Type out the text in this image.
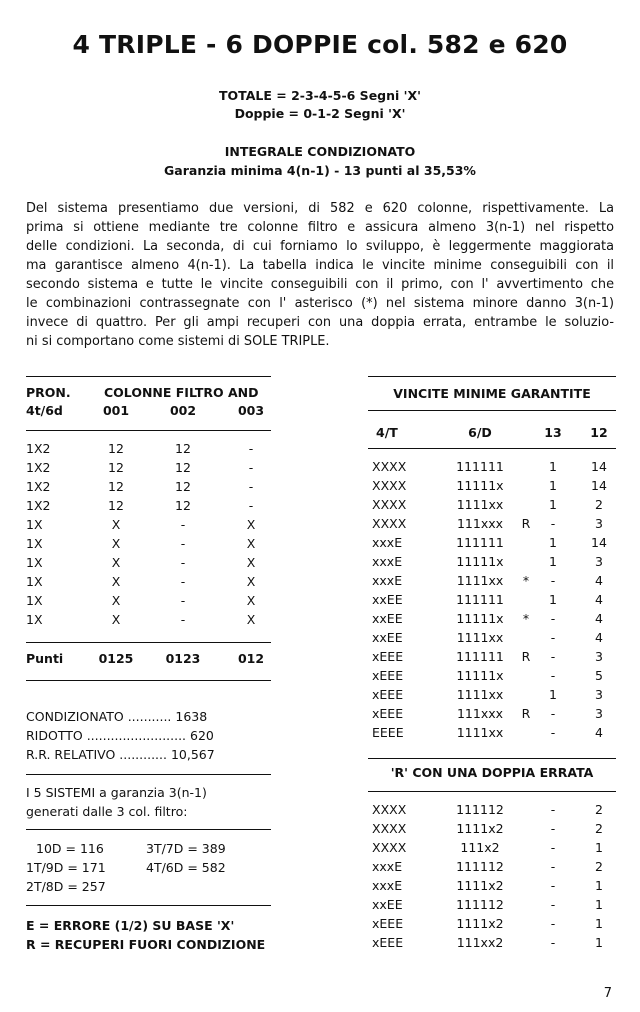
4 TRIPLE - 6 DOPPIE col. 582 e 620
TOTALE = 2-3-4-5-6 Segni 'X'
Doppie = 0-1-2 Segni 'X'
INTEGRALE CONDIZIONATO
Garanzia minima 4(n-1) - 13 punti al 35,53%
Del sistema presentiamo due versioni, di 582 e 620 colonne, rispettivamente. La
prima si ottiene mediante tre colonne filtro e assicura almeno 3(n-1) nel rispetto
delle condizioni. La seconda, di cui forniamo lo sviluppo, è leggermente maggiorata
ma garantisce almeno 4(n-1). La tabella indica le vincite minime conseguibili con il
secondo sistema e tutte le vincite conseguibili con il primo, con l' avvertimento che
le combinazioni contrassegnate con l' asterisco (*) nel sistema minore danno 3(n-1)
invece di quattro. Per gli ampi recuperi con una doppia errata, entrambe le soluzio-
ni si comportano come sistemi di SOLE TRIPLE.
PRON.	COLONNE FILTRO AND
4t/6d	001	002	003
1X2	12	12	-
1X2	12	12	-
1X2	12	12	-
1X2	12	12	-
1X	X	-	X
1X	X	-	X
1X	X	-	X
1X	X	-	X
1X	X	-	X
1X	X	-	X
Punti	0125	0123	012
CONDIZIONATO ........... 1638
RIDOTTO ......................... 620
R.R. RELATIVO ............ 10,567
I 5 SISTEMI a garanzia 3(n-1)
generati dalle 3 col. filtro:
10D = 116	3T/7D = 389
1T/9D = 171	4T/6D = 582
2T/8D = 257
E = ERRORE (1/2) SU BASE 'X'
R = RECUPERI FUORI CONDIZIONE
VINCITE MINIME GARANTITE
4/T	6/D	13	12
XXXX	111111	1	14
XXXX	11111x	1	14
XXXX	1111xx	1	2
XXXX	111xxx	R	-	3
xxxE	111111	1	14
xxxE	11111x	1	3
xxxE	1111xx	*	-	4
xxEE	111111	1	4
xxEE	11111x	*	-	4
xxEE	1111xx	-	4
xEEE	111111	R	-	3
xEEE	11111x	-	5
xEEE	1111xx	1	3
xEEE	111xxx	R	-	3
EEEE	1111xx	-	4
'R' CON UNA DOPPIA ERRATA
XXXX	111112	-	2
XXXX	1111x2	-	2
XXXX	111x2	-	1
xxxE	111112	-	2
xxxE	1111x2	-	1
xxEE	111112	-	1
xEEE	1111x2	-	1
xEEE	111xx2	-	1
7
